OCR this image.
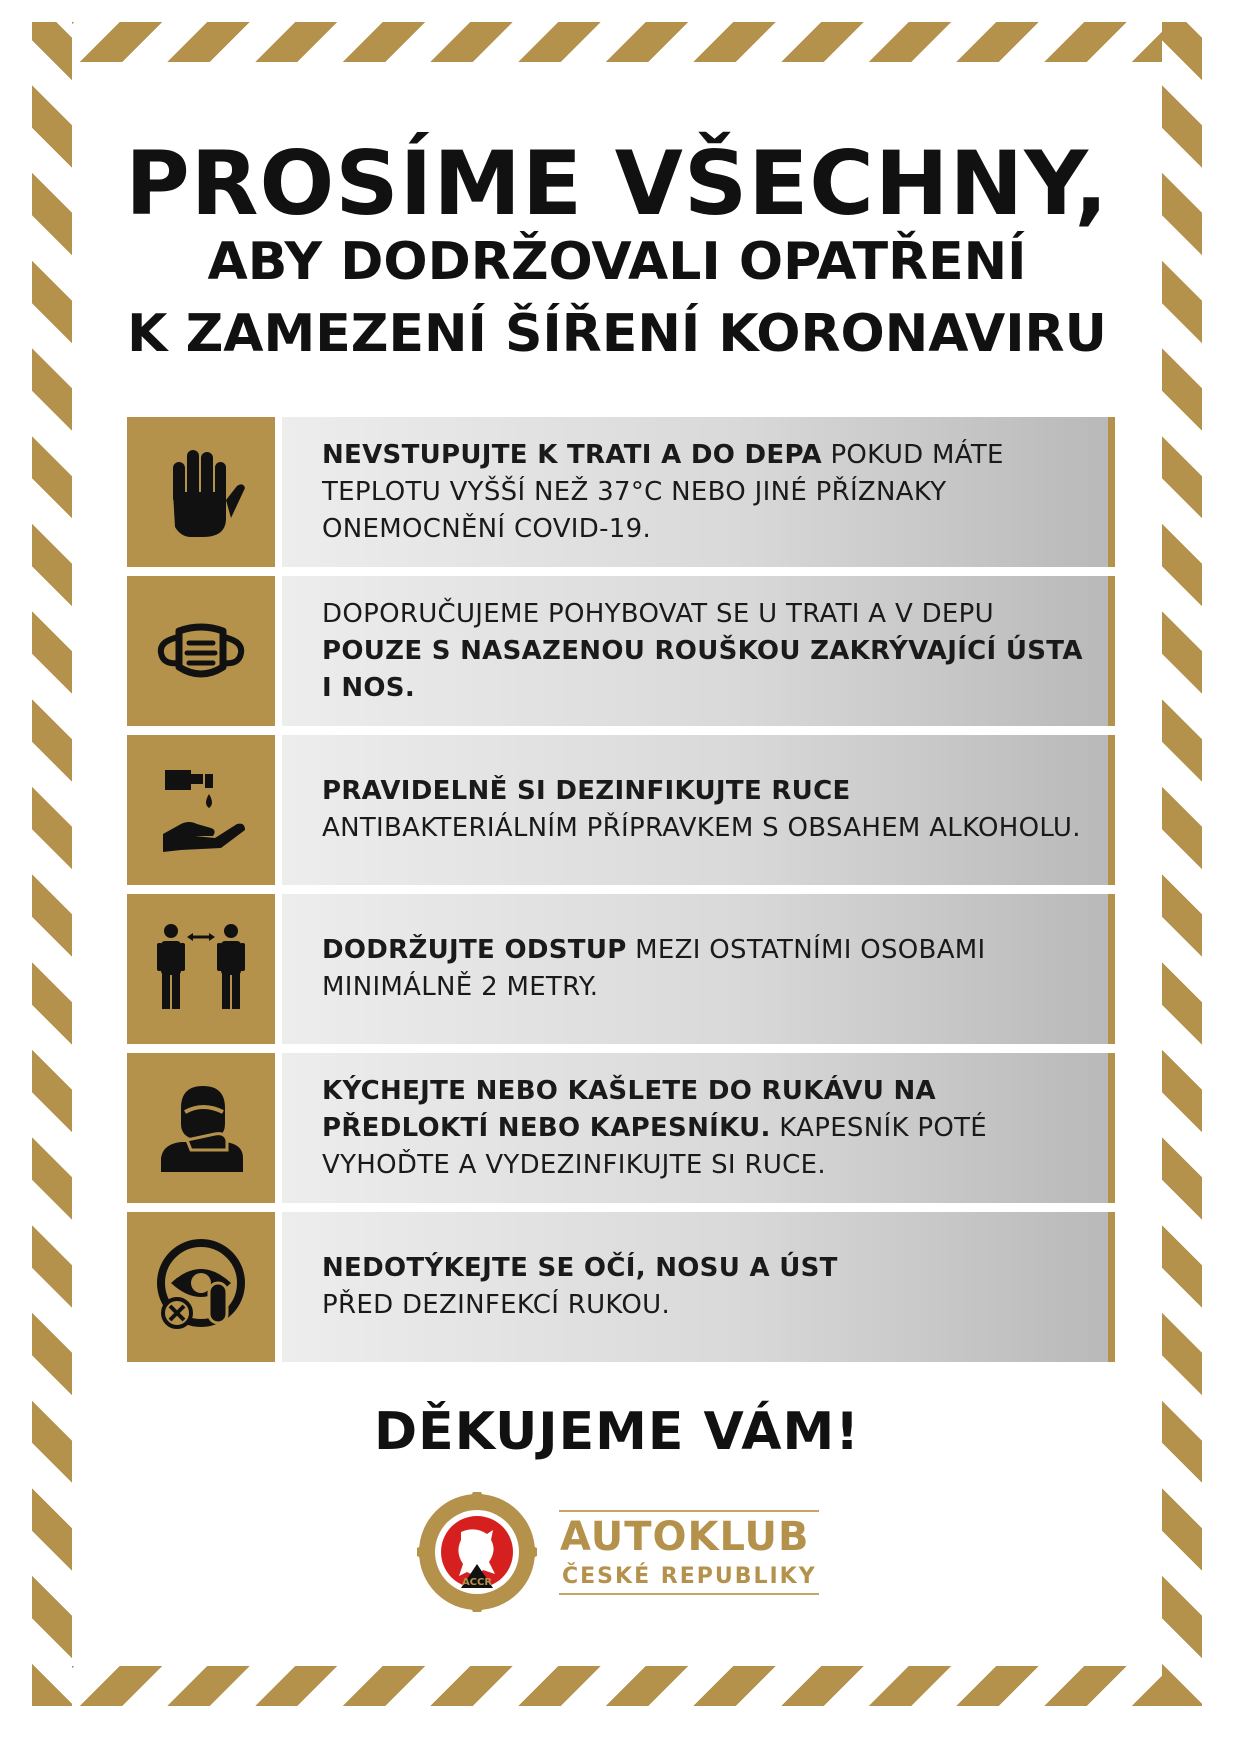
PROSÍME VŠECHNY,
ABY DODRŽOVALI OPATŘENÍ
K ZAMEZENÍ ŠÍŘENÍ KORONAVIRU

NEVSTUPUJTE K TRATI A DO DEPA POKUD MÁTE TEPLOTU VYŠŠÍ NEŽ 37°C NEBO JINÉ PŘÍZNAKY ONEMOCNĚNÍ COVID-19.

DOPORUČUJEME POHYBOVAT SE U TRATI A V DEPU POUZE S NASAZENOU ROUŠKOU ZAKRÝVAJÍCÍ ÚSTA I NOS.

PRAVIDELNĚ SI DEZINFIKUJTE RUCE ANTIBAKTERIÁLNÍM PŘÍPRAVKEM S OBSAHEM ALKOHOLU.

DODRŽUJTE ODSTUP MEZI OSTATNÍMI OSOBAMI MINIMÁLNĚ 2 METRY.

KÝCHEJTE NEBO KAŠLETE DO RUKÁVU NA PŘEDLOKTÍ NEBO KAPESNÍKU. KAPESNÍK POTÉ VYHOĎTE A VYDEZINFIKUJTE SI RUCE.

NEDOTÝKEJTE SE OČÍ, NOSU A ÚST
PŘED DEZINFEKCÍ RUKOU.

DĚKUJEME VÁM!
ACCR
AUTOKLUB
ČESKÉ REPUBLIKY
